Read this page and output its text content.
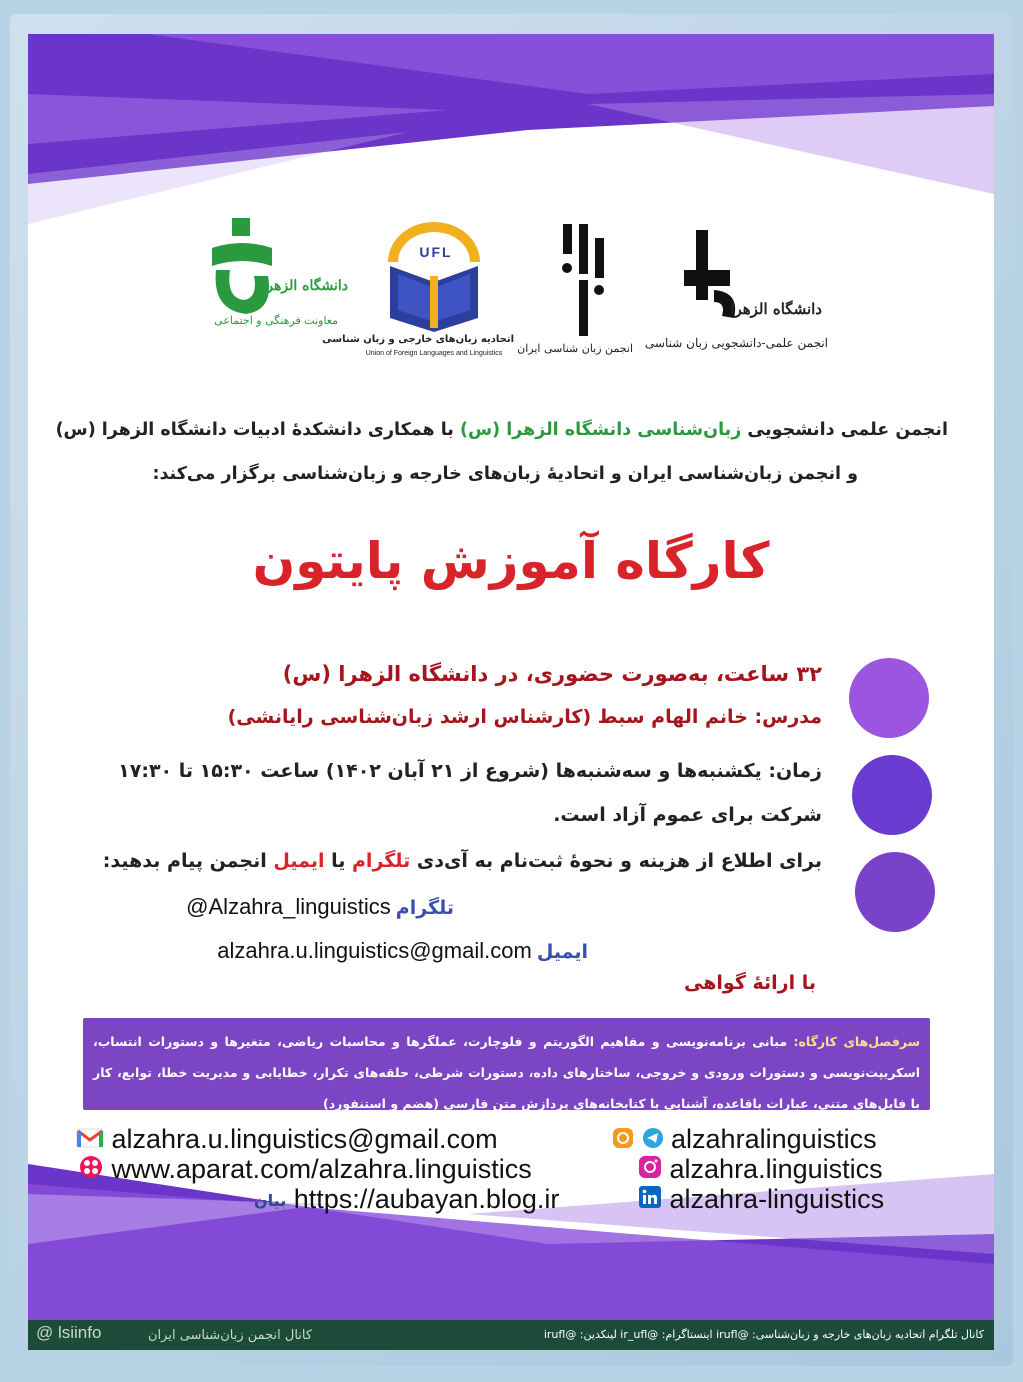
دانشگاه الزهرا
انجمن علمی-دانشجویی زبان شناسی
انجمن زبان شناسی ایران
UFL
اتحادیه زبان‌های خارجی و زبان شناسی
Union of Foreign Languages and Linguistics
دانشگاه الزهرا
معاونت فرهنگی و اجتماعی
انجمن علمی دانشجویی زبان‌شناسی دانشگاه الزهرا (س) با همکاری دانشکدهٔ ادبیات دانشگاه الزهرا (س)
و انجمن زبان‌شناسی ایران و اتحادیهٔ زبان‌های خارجه و زبان‌شناسی برگزار می‌کند:
کارگاه آموزش پایتون
۳۲ ساعت، به‌صورت حضوری، در دانشگاه الزهرا (س)
مدرس: خانم الهام سبط (کارشناس ارشد زبان‌شناسی رایانشی)
زمان: یکشنبه‌ها و سه‌شنبه‌ها (شروع از ۲۱ آبان ۱۴۰۲) ساعت ۱۵:۳۰ تا ۱۷:۳۰
شرکت برای عموم آزاد است.
برای اطلاع از هزینه و نحوهٔ ثبت‌نام به آی‌دی تلگرام یا ایمیل انجمن پیام بدهید:
تلگرام @Alzahra_linguistics
ایمیل alzahra.u.linguistics@gmail.com
با ارائهٔ گواهی
سرفصل‌های کارگاه: مبانی برنامه‌نویسی و مفاهیم الگوریتم و فلوچارت، عملگرها و محاسبات ریاضی، متغیرها و دستورات انتساب، اسکریپت‌نویسی و دستورات ورودی و خروجی، ساختارهای داده، دستورات شرطی، حلقه‌های تکرار، خطایابی و مدیریت خطا، توابع، کار با فایل‌های متنی، عبارات باقاعده، آشنایی با کتابخانه‌های پردازش متن فارسی (هضم و استنفورد)
alzahralinguistics
alzahra.linguistics
alzahra-linguistics
alzahra.u.linguistics@gmail.com
www.aparat.com/alzahra.linguistics
بیان https://aubayan.blog.ir
کانال تلگرام اتحادیه زبان‌های خارجه و زبان‌شناسی: @irufl اینستاگرام: @ir_ufl لینکدین: @irufl
کانال انجمن زبان‌شناسی ایران
@ lsiinfo
